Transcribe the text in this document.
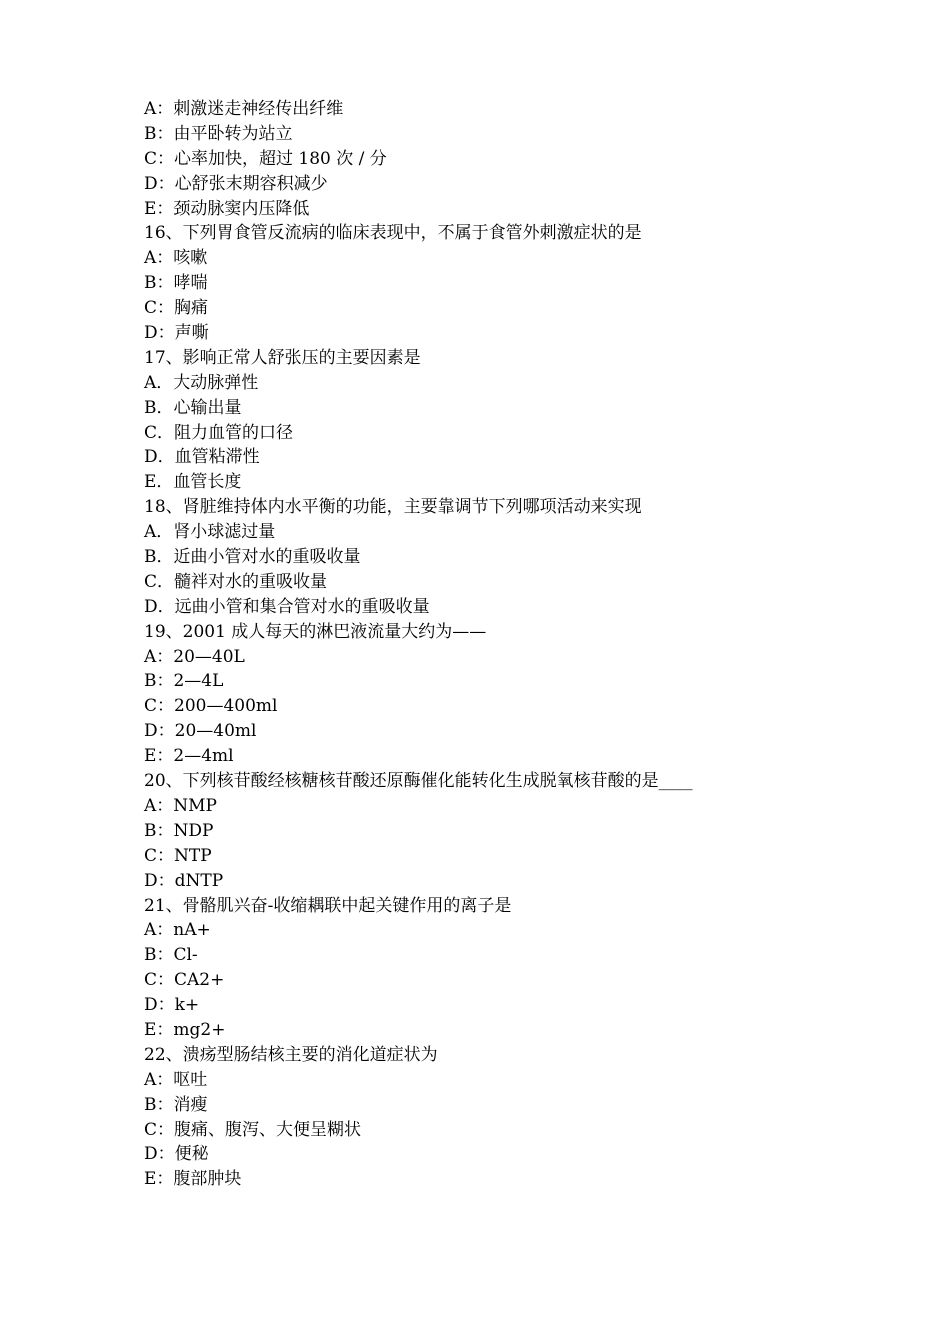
A：刺激迷走神经传出纤维
B：由平卧转为站立
C：心率加快，超过 180 次 / 分
D：心舒张末期容积减少
E：颈动脉窦内压降低
16、下列胃食管反流病的临床表现中，不属于食管外刺激症状的是
A：咳嗽
B：哮喘
C：胸痛
D：声嘶
17、影响正常人舒张压的主要因素是
A．大动脉弹性
B．心输出量
C．阻力血管的口径
D．血管粘滞性
E．血管长度
18、肾脏维持体内水平衡的功能，主要靠调节下列哪项活动来实现
A．肾小球滤过量
B．近曲小管对水的重吸收量
C．髓袢对水的重吸收量
D．远曲小管和集合管对水的重吸收量
19、2001 成人每天的淋巴液流量大约为——
A：20—40L
B：2—4L
C：200—400ml
D：20—40ml
E：2—4ml
20、下列核苷酸经核糖核苷酸还原酶催化能转化生成脱氧核苷酸的是____
A：NMP
B：NDP
C：NTP
D：dNTP
21、骨骼肌兴奋-收缩耦联中起关键作用的离子是
A：nA+
B：Cl-
C：CA2+
D：k+
E：mg2+
22、溃疡型肠结核主要的消化道症状为
A：呕吐
B：消瘦
C：腹痛、腹泻、大便呈糊状
D：便秘
E：腹部肿块
